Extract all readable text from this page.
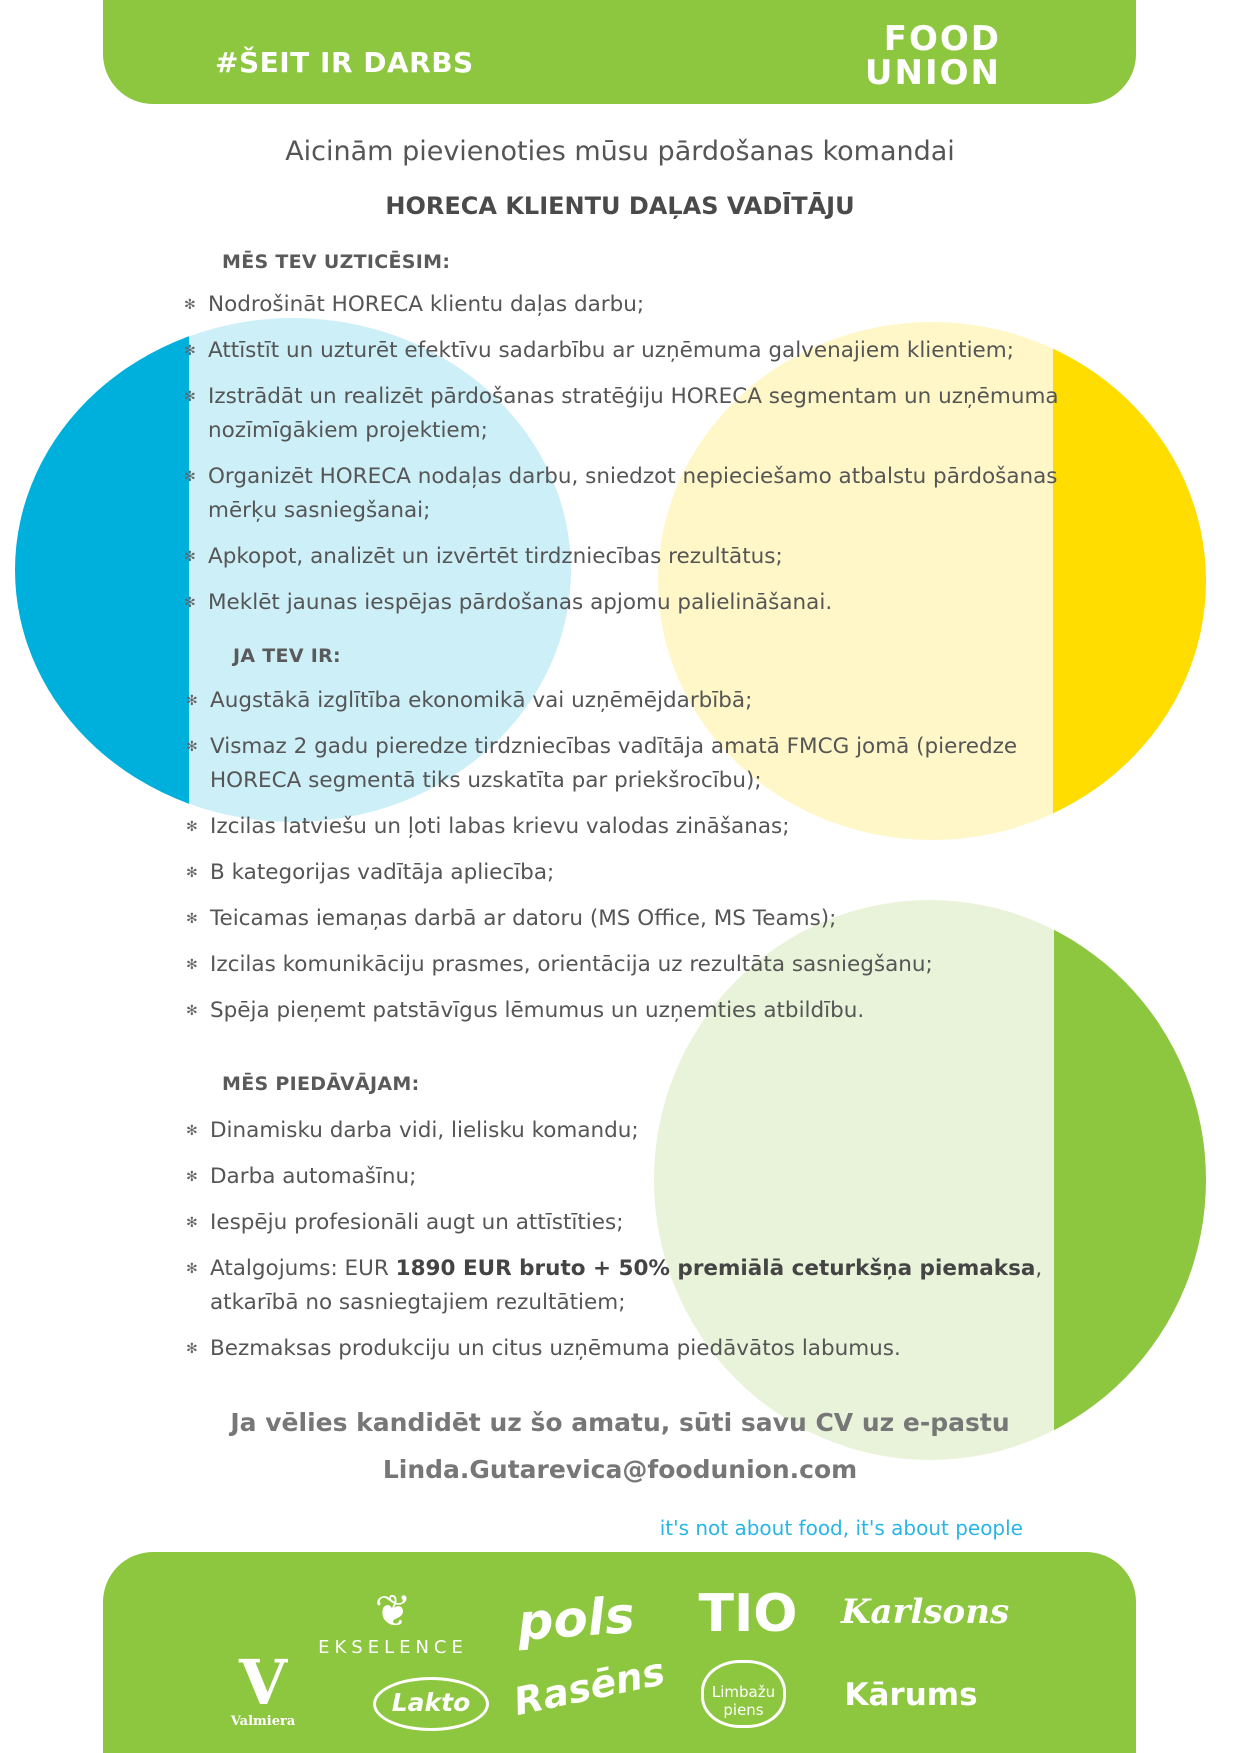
#ŠEIT IR DARBS
FOOD
UNION
Aicinām pievienoties mūsu pārdošanas komandai
HORECA KLIENTU DAĻAS VADĪTĀJU
MĒS TEV UZTICĒSIM:
✻ Nodrošināt HORECA klientu daļas darbu;
✻ Attīstīt un uzturēt efektīvu sadarbību ar uzņēmuma galvenajiem klientiem;
✻ Izstrādāt un realizēt pārdošanas stratēģiju HORECA segmentam un uzņēmuma nozīmīgākiem projektiem;
✻ Organizēt HORECA nodaļas darbu, sniedzot nepieciešamo atbalstu pārdošanas mērķu sasniegšanai;
✻ Apkopot, analizēt un izvērtēt tirdzniecības rezultātus;
✻ Meklēt jaunas iespējas pārdošanas apjomu palielināšanai.
JA TEV IR:
✻ Augstākā izglītība ekonomikā vai uzņēmējdarbībā;
✻ Vismaz 2 gadu pieredze tirdzniecības vadītāja amatā FMCG jomā (pieredze HORECA segmentā tiks uzskatīta par priekšrocību);
✻ Izcilas latviešu un ļoti labas krievu valodas zināšanas;
✻ B kategorijas vadītāja apliecība;
✻ Teicamas iemaņas darbā ar datoru (MS Office, MS Teams);
✻ Izcilas komunikāciju prasmes, orientācija uz rezultāta sasniegšanu;
✻ Spēja pieņemt patstāvīgus lēmumus un uzņemties atbildību.
MĒS PIEDĀVĀJAM:
✻ Dinamisku darba vidi, lielisku komandu;
✻ Darba automašīnu;
✻ Iespēju profesionāli augt un attīstīties;
✻ Atalgojums: EUR 1890 EUR bruto + 50% premiālā ceturkšņa piemaksa, atkarībā no sasniegtajiem rezultātiem;
✻ Bezmaksas produkciju un citus uzņēmuma piedāvātos labumus.
Ja vēlies kandidēt uz šo amatu, sūti savu CV uz e-pastu
Linda.Gutarevica@foodunion.com
it's not about food, it's about people
V
Valmiera
❦
EKSELENCE
Lakto
pols
Rasēns
TIO
Limbažu piens
Karlsons
Kārums
